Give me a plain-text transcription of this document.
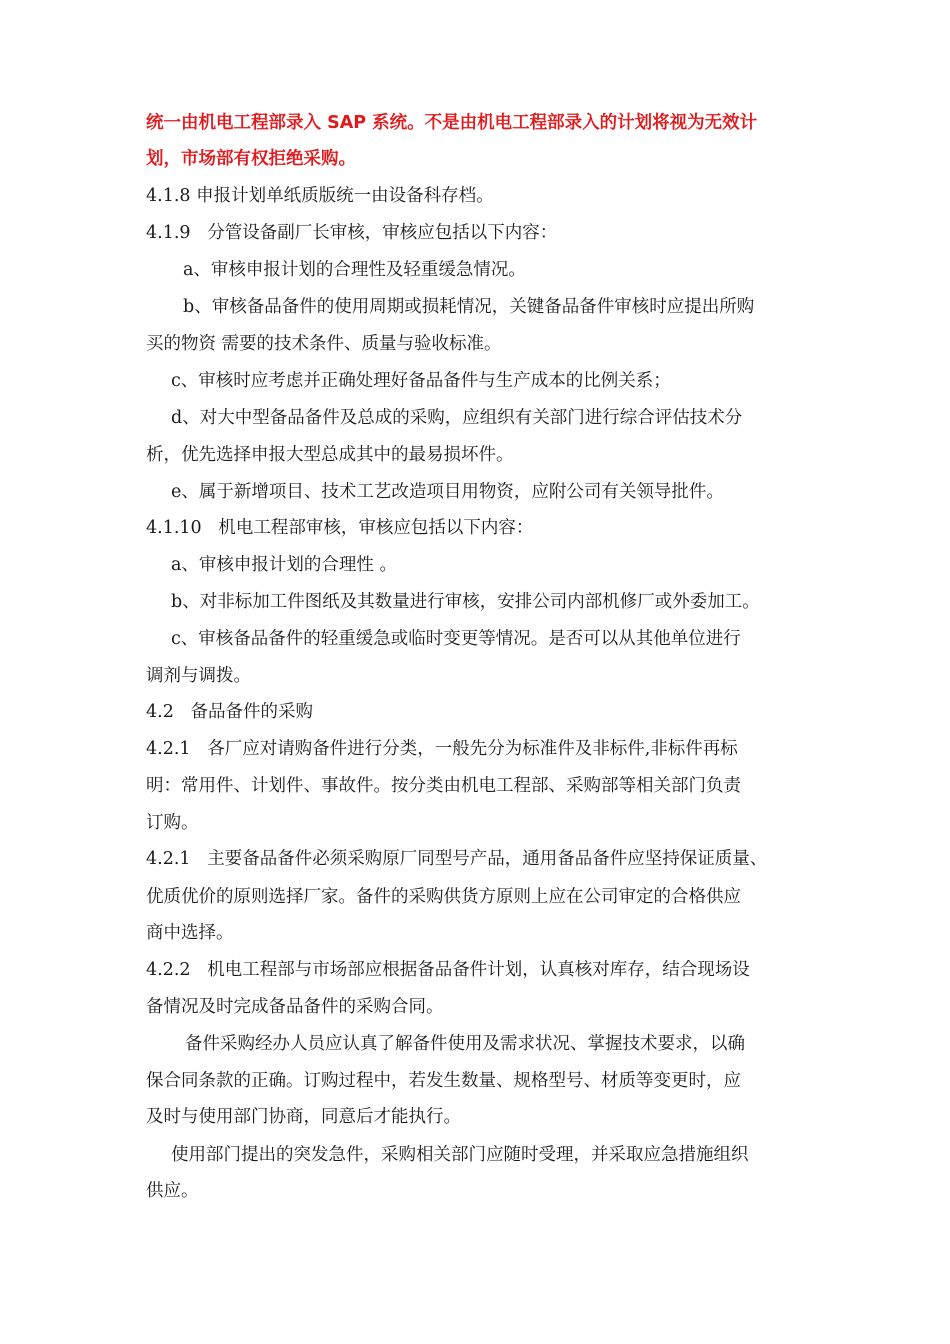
统一由机电工程部录入 SAP 系统。不是由机电工程部录入的计划将视为无效计
划，市场部有权拒绝采购。
4.1.8 申报计划单纸质版统一由设备科存档。
4.1.9   分管设备副厂长审核，审核应包括以下内容：
a、审核申报计划的合理性及轻重缓急情况。
b、审核备品备件的使用周期或损耗情况，关键备品备件审核时应提出所购
买的物资 需要的技术条件、质量与验收标准。
c、审核时应考虑并正确处理好备品备件与生产成本的比例关系；
d、对大中型备品备件及总成的采购，应组织有关部门进行综合评估技术分
析，优先选择申报大型总成其中的最易损坏件。
e、属于新增项目、技术工艺改造项目用物资，应附公司有关领导批件。
4.1.10   机电工程部审核，审核应包括以下内容：
a、审核申报计划的合理性 。
b、对非标加工件图纸及其数量进行审核，安排公司内部机修厂或外委加工。
c、审核备品备件的轻重缓急或临时变更等情况。是否可以从其他单位进行
调剂与调拨。
4.2   备品备件的采购
4.2.1   各厂应对请购备件进行分类，一般先分为标准件及非标件,非标件再标
明：常用件、计划件、事故件。按分类由机电工程部、采购部等相关部门负责
订购。
4.2.1   主要备品备件必须采购原厂同型号产品，通用备品备件应坚持保证质量、
优质优价的原则选择厂家。备件的采购供货方原则上应在公司审定的合格供应
商中选择。
4.2.2   机电工程部与市场部应根据备品备件计划，认真核对库存，结合现场设
备情况及时完成备品备件的采购合同。
备件采购经办人员应认真了解备件使用及需求状况、掌握技术要求，以确
保合同条款的正确。订购过程中，若发生数量、规格型号、材质等变更时，应
及时与使用部门协商，同意后才能执行。
使用部门提出的突发急件，采购相关部门应随时受理，并采取应急措施组织
供应。
